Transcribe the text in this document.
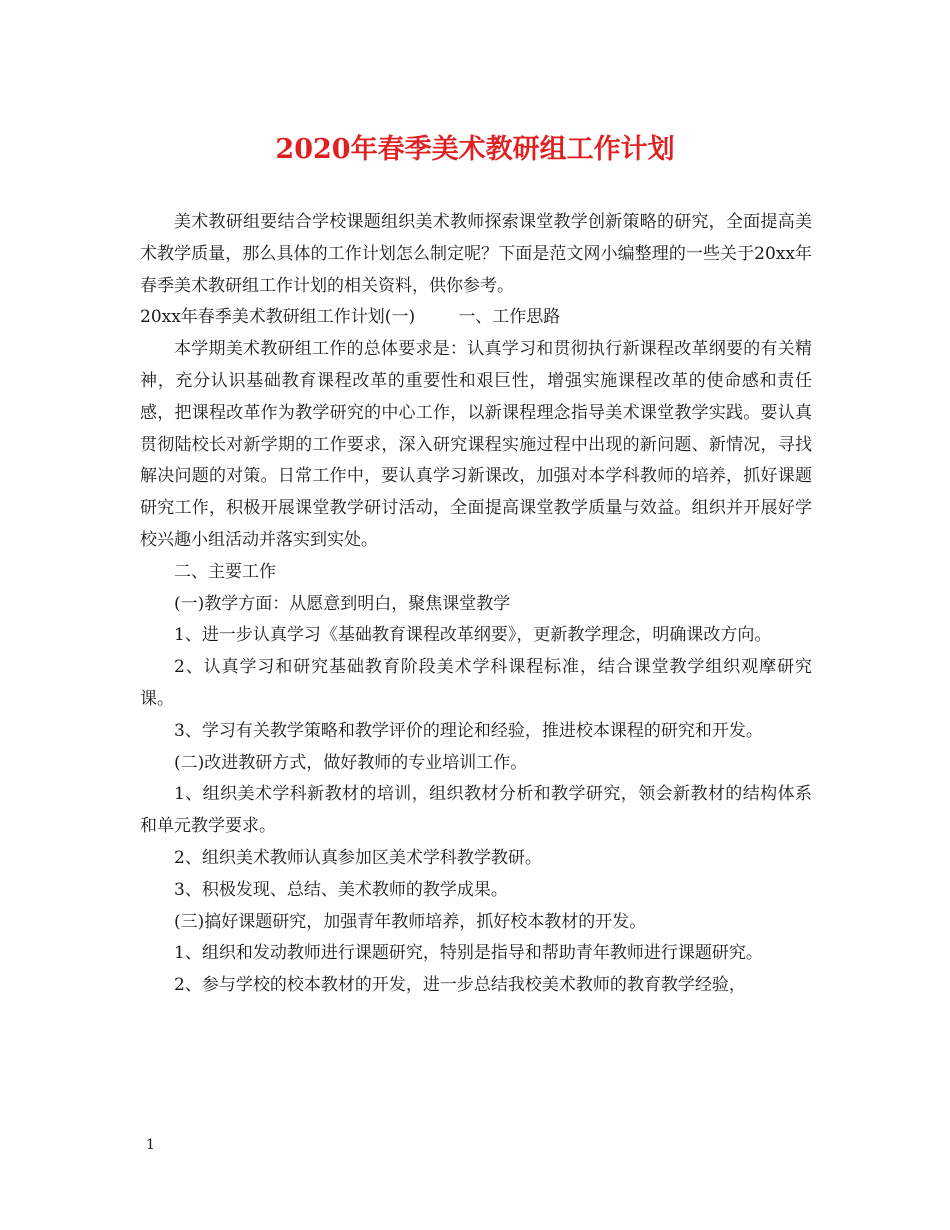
2020年春季美术教研组工作计划

美术教研组要结合学校课题组织美术教师探索课堂教学创新策略的研究，全面提高美术教学质量，那么具体的工作计划怎么制定呢？下面是范文网小编整理的一些关于20xx年春季美术教研组工作计划的相关资料，供你参考。

20xx年春季美术教研组工作计划(一)	一、工作思路

本学期美术教研组工作的总体要求是：认真学习和贯彻执行新课程改革纲要的有关精神，充分认识基础教育课程改革的重要性和艰巨性，增强实施课程改革的使命感和责任感，把课程改革作为教学研究的中心工作，以新课程理念指导美术课堂教学实践。要认真贯彻陆校长对新学期的工作要求，深入研究课程实施过程中出现的新问题、新情况，寻找解决问题的对策。日常工作中，要认真学习新课改，加强对本学科教师的培养，抓好课题研究工作，积极开展课堂教学研讨活动，全面提高课堂教学质量与效益。组织并开展好学校兴趣小组活动并落实到实处。

二、主要工作

(一)教学方面：从愿意到明白，聚焦课堂教学

1、进一步认真学习《基础教育课程改革纲要》，更新教学理念，明确课改方向。

2、认真学习和研究基础教育阶段美术学科课程标准，结合课堂教学组织观摩研究课。

3、学习有关教学策略和教学评价的理论和经验，推进校本课程的研究和开发。

(二)改进教研方式，做好教师的专业培训工作。

1、组织美术学科新教材的培训，组织教材分析和教学研究，领会新教材的结构体系和单元教学要求。

2、组织美术教师认真参加区美术学科教学教研。

3、积极发现、总结、美术教师的教学成果。

(三)搞好课题研究，加强青年教师培养，抓好校本教材的开发。

1、组织和发动教师进行课题研究，特别是指导和帮助青年教师进行课题研究。

2、参与学校的校本教材的开发，进一步总结我校美术教师的教育教学经验，

1
